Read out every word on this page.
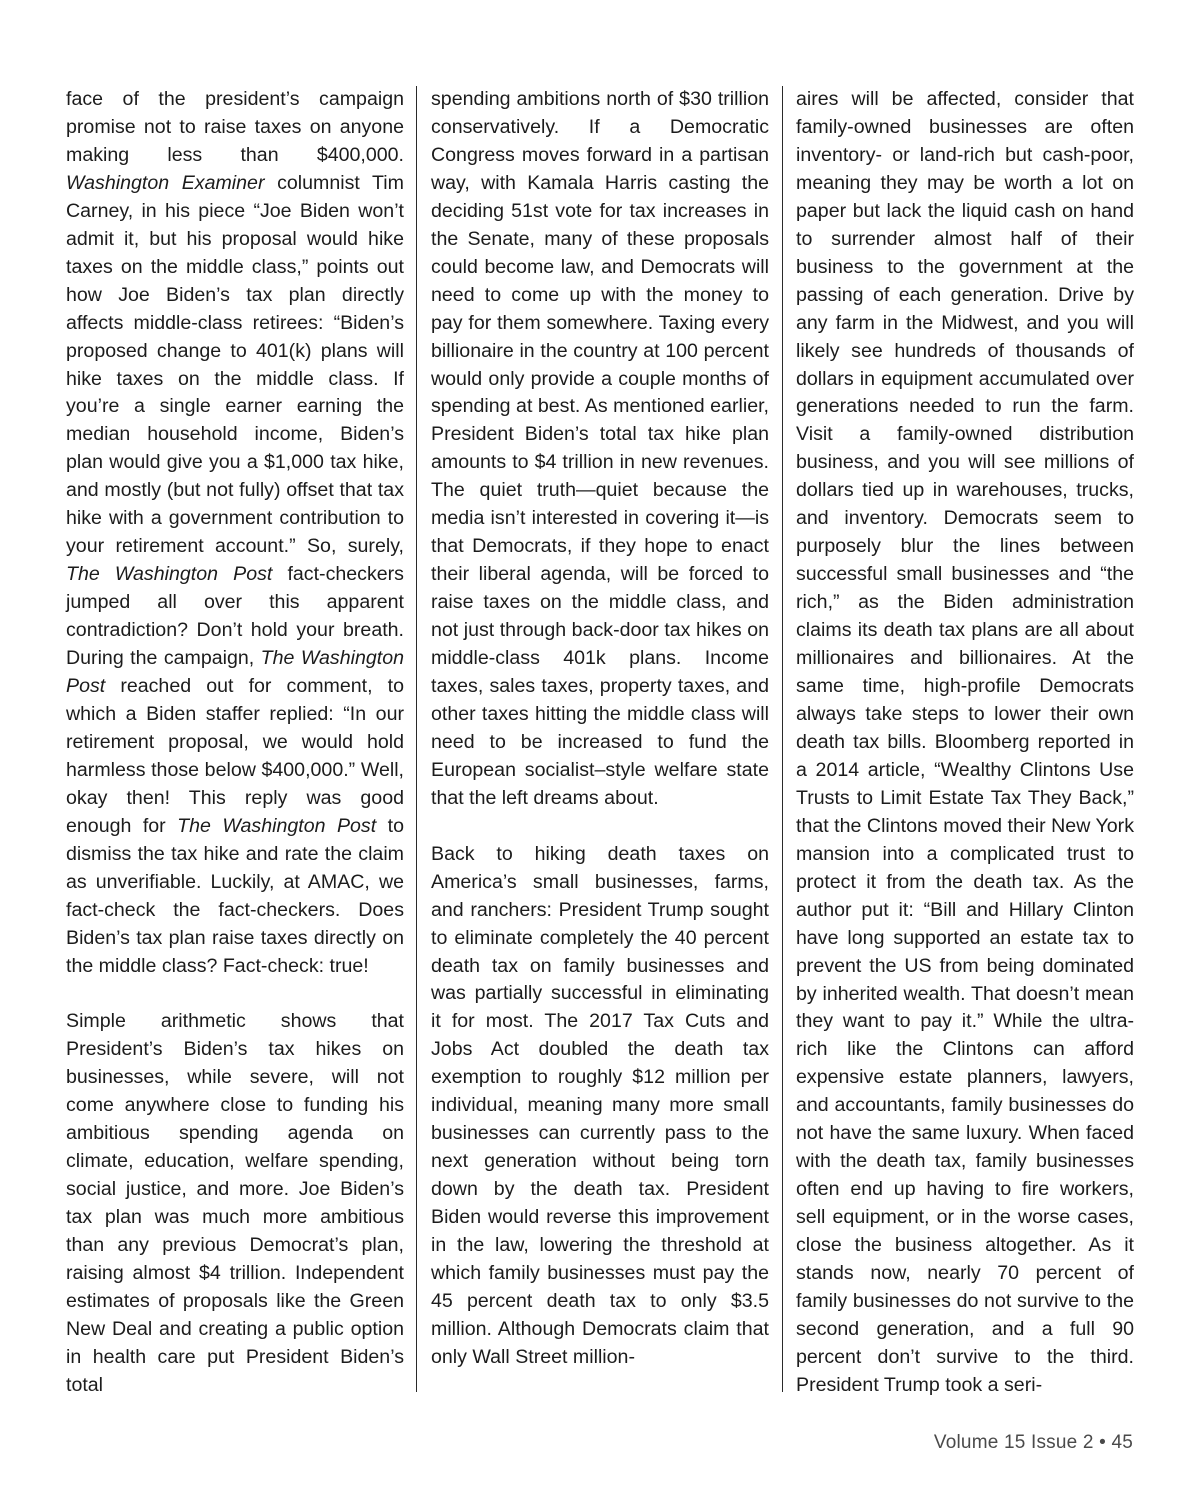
face of the president’s campaign promise not to raise taxes on anyone making less than $400,000. Washington Examiner columnist Tim Carney, in his piece “Joe Biden won’t admit it, but his proposal would hike taxes on the middle class,” points out how Joe Biden’s tax plan directly affects middle-class retirees: “Biden’s proposed change to 401(k) plans will hike taxes on the middle class. If you’re a single earner earning the median household income, Biden’s plan would give you a $1,000 tax hike, and mostly (but not fully) offset that tax hike with a government contribution to your retirement account.” So, surely, The Washington Post fact-checkers jumped all over this apparent contradiction? Don’t hold your breath. During the campaign, The Washington Post reached out for comment, to which a Biden staffer replied: “In our retirement proposal, we would hold harmless those below $400,000.” Well, okay then! This reply was good enough for The Washington Post to dismiss the tax hike and rate the claim as unverifiable. Luckily, at AMAC, we fact-check the fact-checkers. Does Biden’s tax plan raise taxes directly on the middle class? Fact-check: true!

Simple arithmetic shows that President’s Biden’s tax hikes on businesses, while severe, will not come anywhere close to funding his ambitious spending agenda on climate, education, welfare spending, social justice, and more. Joe Biden’s tax plan was much more ambitious than any previous Democrat’s plan, raising almost $4 trillion. Independent estimates of proposals like the Green New Deal and creating a public option in health care put President Biden’s total

spending ambitions north of $30 trillion conservatively. If a Democratic Congress moves forward in a partisan way, with Kamala Harris casting the deciding 51st vote for tax increases in the Senate, many of these proposals could become law, and Democrats will need to come up with the money to pay for them somewhere. Taxing every billionaire in the country at 100 percent would only provide a couple months of spending at best. As mentioned earlier, President Biden’s total tax hike plan amounts to $4 trillion in new revenues. The quiet truth—quiet because the media isn’t interested in covering it—is that Democrats, if they hope to enact their liberal agenda, will be forced to raise taxes on the middle class, and not just through back-door tax hikes on middle-class 401k plans. Income taxes, sales taxes, property taxes, and other taxes hitting the middle class will need to be increased to fund the European socialist–style welfare state that the left dreams about.

Back to hiking death taxes on America’s small businesses, farms, and ranchers: President Trump sought to eliminate completely the 40 percent death tax on family businesses and was partially successful in eliminating it for most. The 2017 Tax Cuts and Jobs Act doubled the death tax exemption to roughly $12 million per individual, meaning many more small businesses can currently pass to the next generation without being torn down by the death tax. President Biden would reverse this improvement in the law, lowering the threshold at which family businesses must pay the 45 percent death tax to only $3.5 million. Although Democrats claim that only Wall Street million-

aires will be affected, consider that family-owned businesses are often inventory- or land-rich but cash-poor, meaning they may be worth a lot on paper but lack the liquid cash on hand to surrender almost half of their business to the government at the passing of each generation. Drive by any farm in the Midwest, and you will likely see hundreds of thousands of dollars in equipment accumulated over generations needed to run the farm. Visit a family-owned distribution business, and you will see millions of dollars tied up in warehouses, trucks, and inventory. Democrats seem to purposely blur the lines between successful small businesses and “the rich,” as the Biden administration claims its death tax plans are all about millionaires and billionaires. At the same time, high-profile Democrats always take steps to lower their own death tax bills. Bloomberg reported in a 2014 article, “Wealthy Clintons Use Trusts to Limit Estate Tax They Back,” that the Clintons moved their New York mansion into a complicated trust to protect it from the death tax. As the author put it: “Bill and Hillary Clinton have long supported an estate tax to prevent the US from being dominated by inherited wealth. That doesn’t mean they want to pay it.” While the ultra-rich like the Clintons can afford expensive estate planners, lawyers, and accountants, family businesses do not have the same luxury. When faced with the death tax, family businesses often end up having to fire workers, sell equipment, or in the worse cases, close the business altogether. As it stands now, nearly 70 percent of family businesses do not survive to the second generation, and a full 90 percent don’t survive to the third. President Trump took a seri-

Volume 15 Issue 2 • 45
